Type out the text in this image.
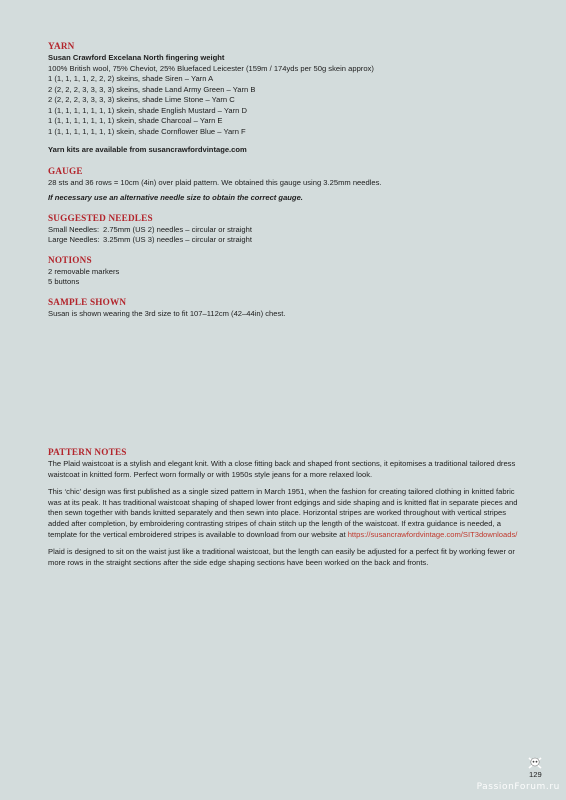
YARN
Susan Crawford Excelana North fingering weight
100% British wool, 75% Cheviot, 25% Bluefaced Leicester (159m / 174yds per 50g skein approx)
1 (1, 1, 1, 1, 2, 2, 2) skeins, shade Siren – Yarn A
2 (2, 2, 2, 3, 3, 3, 3) skeins, shade Land Army Green – Yarn B
2 (2, 2, 2, 3, 3, 3, 3) skeins, shade Lime Stone – Yarn C
1 (1, 1, 1, 1, 1, 1, 1) skein, shade English Mustard – Yarn D
1 (1, 1, 1, 1, 1, 1, 1) skein, shade Charcoal – Yarn E
1 (1, 1, 1, 1, 1, 1, 1) skein, shade Cornflower Blue – Yarn F
Yarn kits are available from susancrawfordvintage.com
GAUGE
28 sts and 36 rows = 10cm (4in) over plaid pattern. We obtained this gauge using 3.25mm needles.
If necessary use an alternative needle size to obtain the correct gauge.
SUGGESTED NEEDLES
Small Needles: 2.75mm (US 2) needles – circular or straight
Large Needles: 3.25mm (US 3) needles – circular or straight
NOTIONS
2 removable markers
5 buttons
SAMPLE SHOWN
Susan is shown wearing the 3rd size to fit 107–112cm (42–44in) chest.
PATTERN NOTES

The Plaid waistcoat is a stylish and elegant knit. With a close fitting back and shaped front sections, it epitomises a traditional tailored dress waistcoat in knitted form. Perfect worn formally or with 1950s style jeans for a more relaxed look.

This ‘chic’ design was first published as a single sized pattern in March 1951, when the fashion for creating tailored clothing in knitted fabric was at its peak. It has traditional waistcoat shaping of shaped lower front edgings and side shaping and is knitted flat in separate pieces and then sewn together with bands knitted separately and then sewn into place. Horizontal stripes are worked throughout with vertical stripes added after completion, by embroidering contrasting stripes of chain stitch up the length of the waistcoat. If extra guidance is needed, a template for the vertical embroidered stripes is available to download from our website at https://susancrawfordvintage.com/SIT3downloads/

Plaid is designed to sit on the waist just like a traditional waistcoat, but the length can easily be adjusted for a perfect fit by working fewer or more rows in the straight sections after the side edge shaping sections have been worked on the back and fronts.

129
PassionForum.ru
